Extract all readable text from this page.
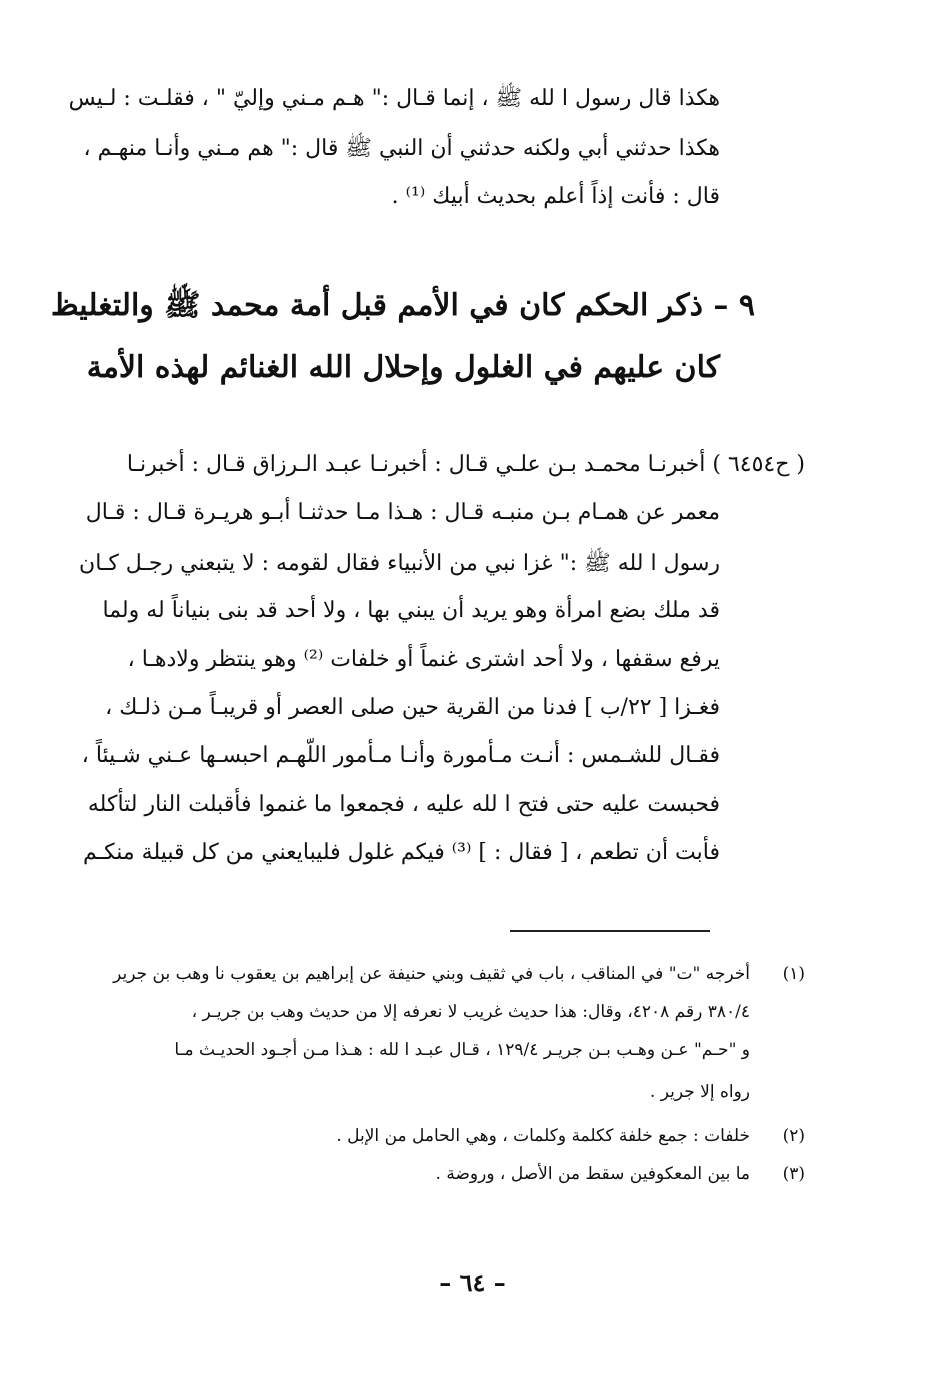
هكذا قال رسول ا لله ﷺ ، إنما قـال :" هـم مـني وإليّ " ، فقلـت : لـيس
هكذا حدثني أبي ولكنه حدثني أن النبي ﷺ قال :" هم مـني وأنـا منهـم ،
قال : فأنت إذاً أعلم بحديث أبيك ⁽¹⁾ .
٩ – ذكر الحكم كان في الأمم قبل أمة محمد ﷺ والتغليظ
كان عليهم في الغلول وإحلال الله الغنائم لهذه الأمة
( ح٦٤٥٤ ) أخبرنـا محمـد بـن علـي قـال : أخبرنـا عبـد الـرزاق قـال : أخبرنـا
معمر عن همـام بـن منبـه قـال : هـذا مـا حدثنـا أبـو هريـرة قـال : قـال
رسول ا لله ﷺ :" غزا نبي من الأنبياء فقال لقومه : لا يتبعني رجـل كـان
قد ملك بضع امرأة وهو يريد أن يبني بها ، ولا أحد قد بنى بنياناً له ولما
يرفع سقفها ، ولا أحد اشترى غنماً أو خلفات ⁽²⁾ وهو ينتظر ولادهـا ،
فغـزا [ ٢٢/ب ] فدنا من القرية حين صلى العصر أو قريبـاً مـن ذلـك ،
فقـال للشـمس : أنـت مـأمورة وأنـا مـأمور اللّهـم احبسـها عـني شـيئاً ،
فحبست عليه حتى فتح ا لله عليه ، فجمعوا ما غنموا فأقبلت النار لتأكله
فأبت أن تطعم ، [ فقال : ] ⁽³⁾ فيكم غلول فليبايعني من كل قبيلة منكـم
(١)
أخرجه "ت" في المناقب ، باب في ثقيف وبني حنيفة عن إبراهيم بن يعقوب نا وهب بن جرير
٣٨٠/٤ رقم ٤٢٠٨، وقال: هذا حديث غريب لا نعرفه إلا من حديث وهب بن جريـر ،
و "حـم" عـن وهـب بـن جريـر ١٢٩/٤ ، قـال عبـد ا لله : هـذا مـن أجـود الحديـث مـا
رواه إلا جرير .
(٢)
خلفات : جمع خلفة ككلمة وكلمات ، وهي الحامل من الإبل .
(٣)
ما بين المعكوفين سقط من الأصل ، وروضة .
– ٦٤ –
